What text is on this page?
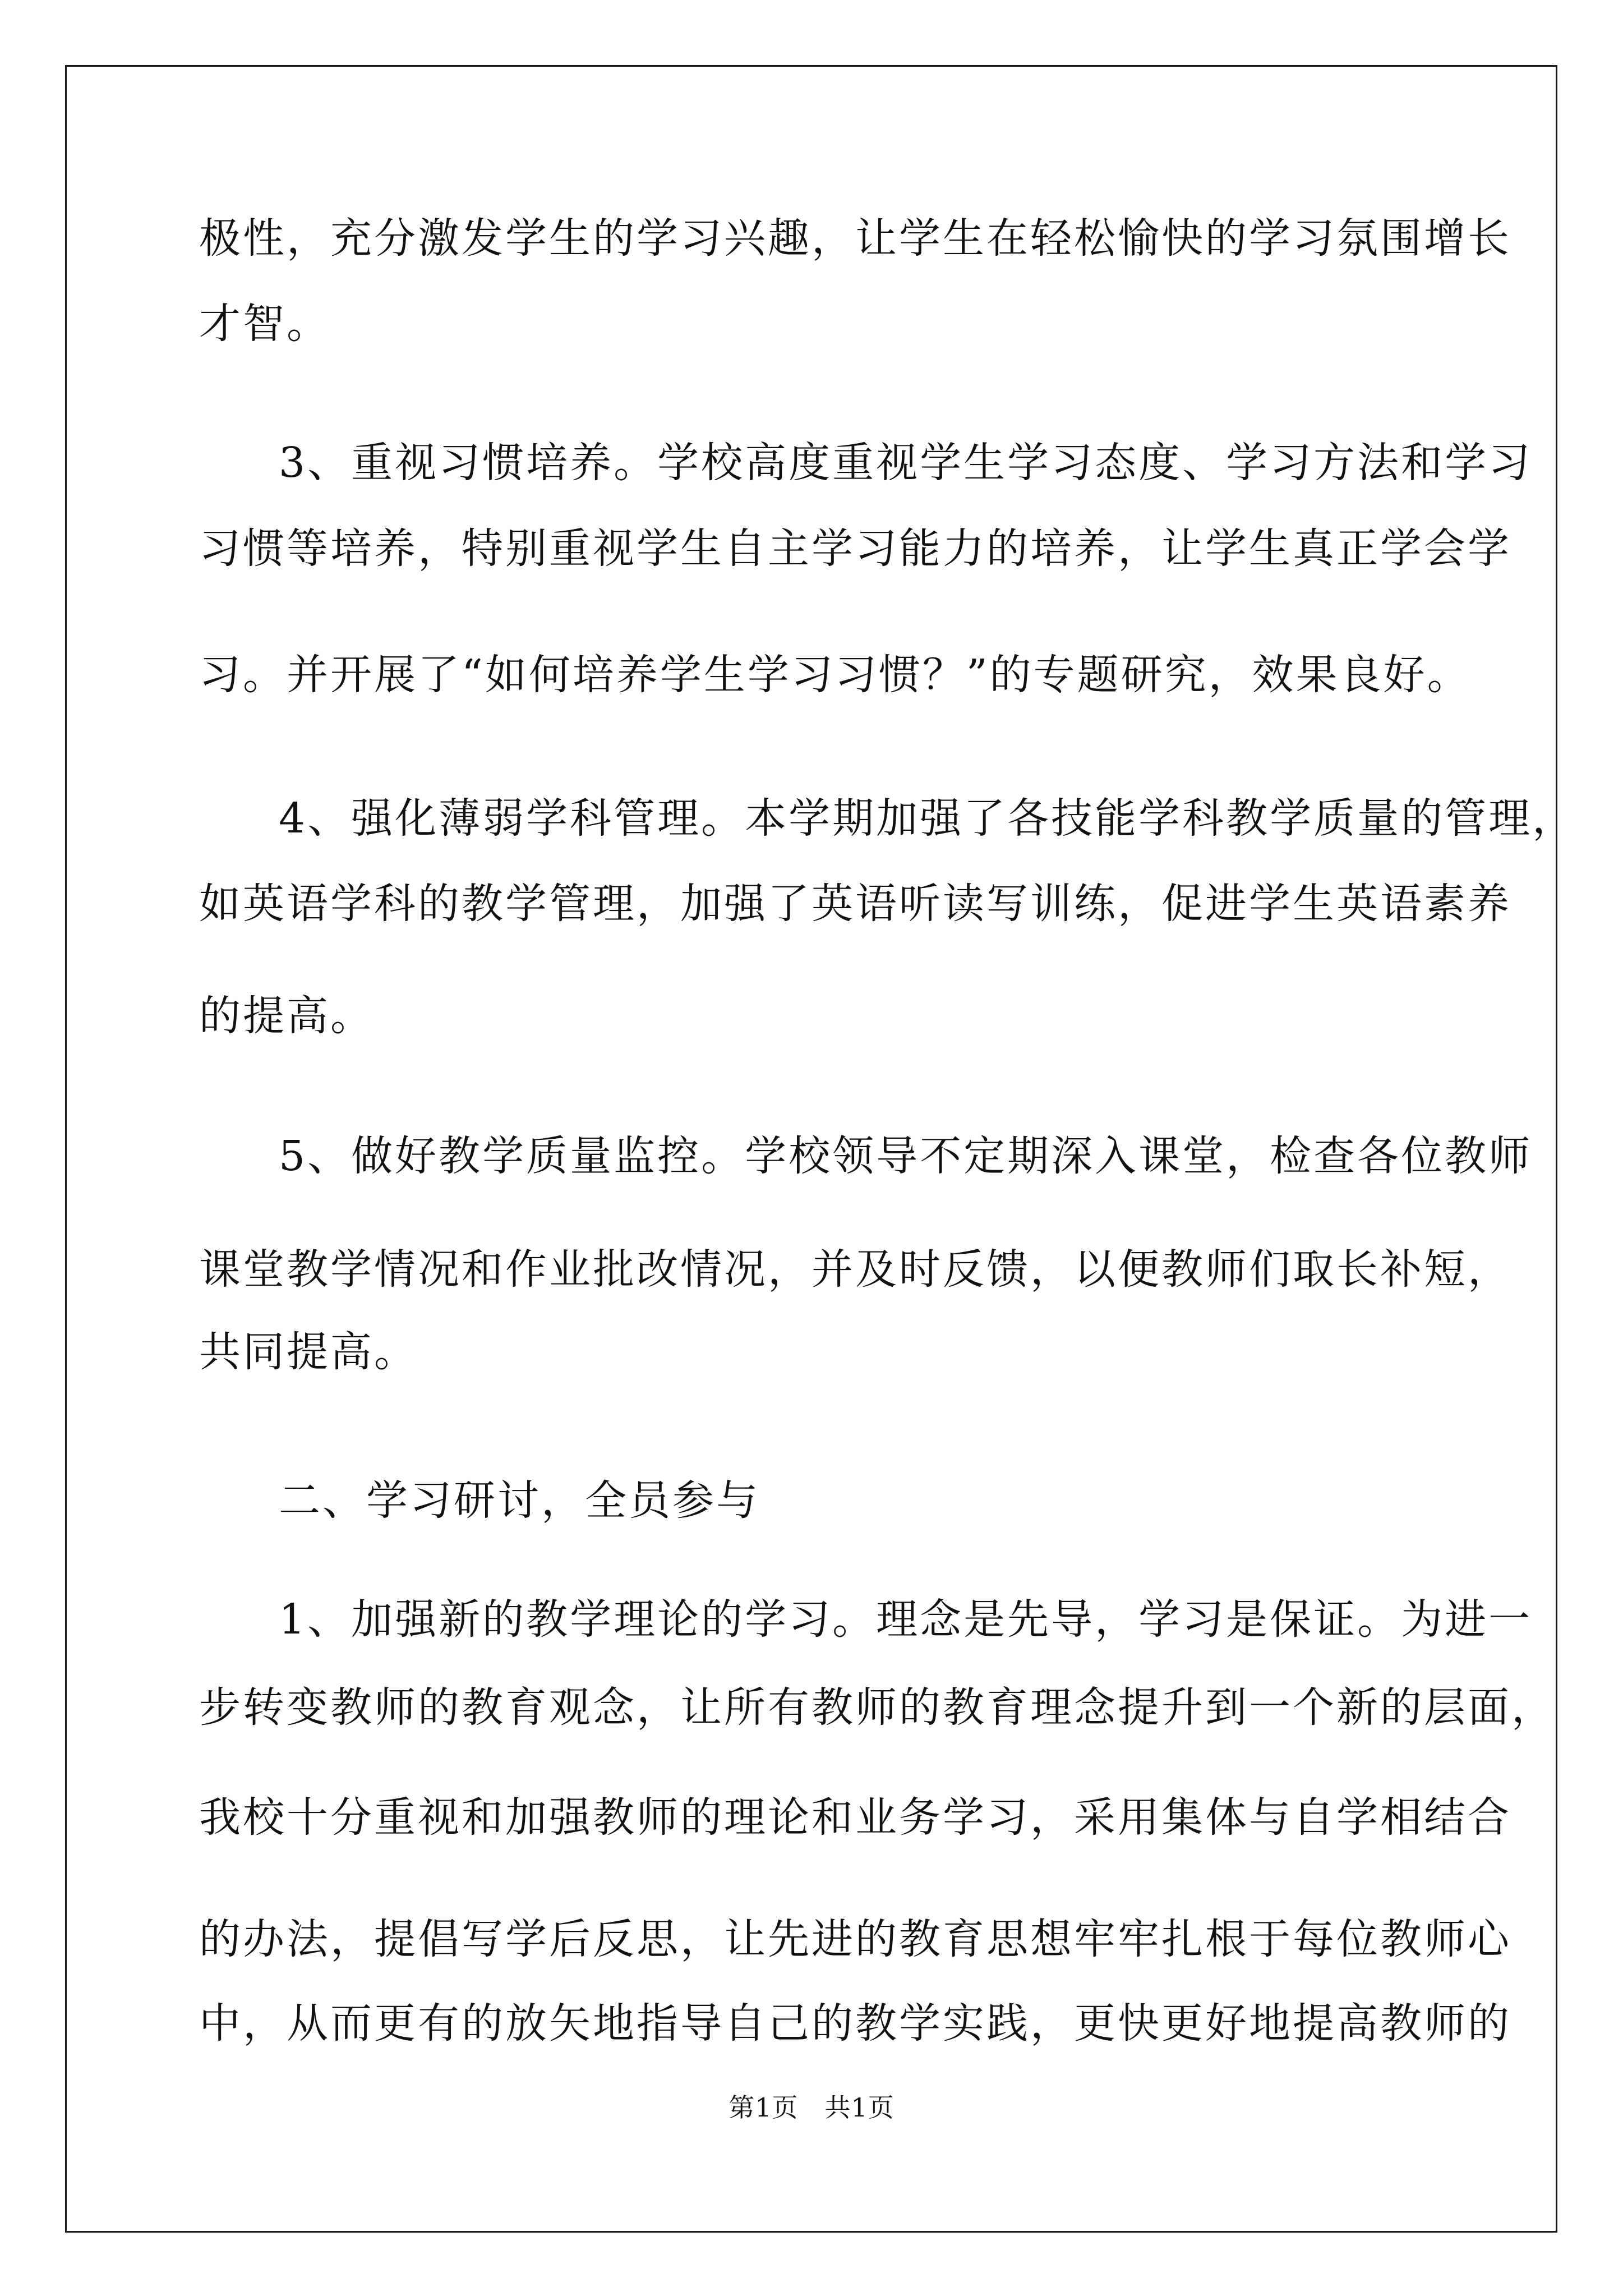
极性，充分激发学生的学习兴趣，让学生在轻松愉快的学习氛围增长
才智。
3、重视习惯培养。学校高度重视学生学习态度、学习方法和学习
习惯等培养，特别重视学生自主学习能力的培养，让学生真正学会学
习。并开展了“如何培养学生学习习惯？”的专题研究，效果良好。
4、强化薄弱学科管理。本学期加强了各技能学科教学质量的管理，
如英语学科的教学管理，加强了英语听读写训练，促进学生英语素养
的提高。
5、做好教学质量监控。学校领导不定期深入课堂，检查各位教师
课堂教学情况和作业批改情况，并及时反馈，以便教师们取长补短，
共同提高。
二、学习研讨，全员参与
1、加强新的教学理论的学习。理念是先导，学习是保证。为进一
步转变教师的教育观念，让所有教师的教育理念提升到一个新的层面，
我校十分重视和加强教师的理论和业务学习，采用集体与自学相结合
的办法，提倡写学后反思，让先进的教育思想牢牢扎根于每位教师心
中，从而更有的放矢地指导自己的教学实践，更快更好地提高教师的
第1页 共1页
